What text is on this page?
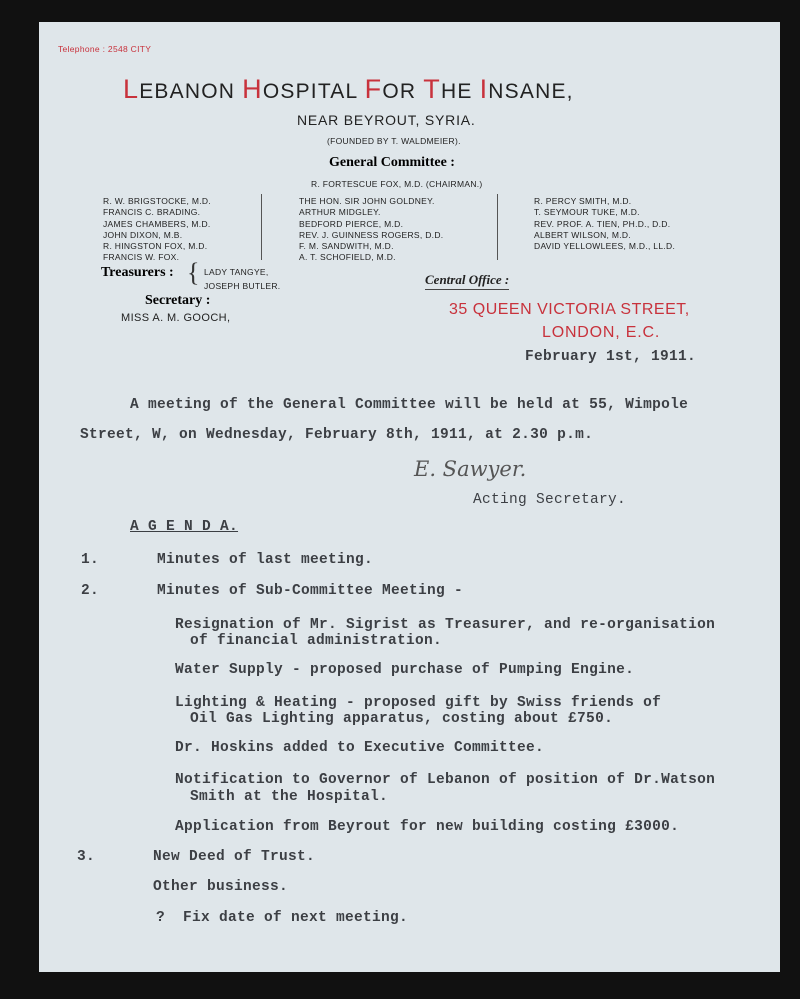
Telephone : 2548 CITY
LEBANON HOSPITAL FOR THE INSANE,
NEAR BEYROUT, SYRIA.
(FOUNDED BY T. WALDMEIER).
General Committee :
R. FORTESCUE FOX, M.D. (CHAIRMAN.)
R. W. BRIGSTOCKE, M.D.
FRANCIS C. BRADING.
JAMES CHAMBERS, M.D.
JOHN DIXON, M.B.
R. HINGSTON FOX, M.D.
FRANCIS W. FOX.
THE HON. SIR JOHN GOLDNEY.
ARTHUR MIDGLEY.
BEDFORD PIERCE, M.D.
REV. J. GUINNESS ROGERS, D.D.
F. M. SANDWITH, M.D.
A. T. SCHOFIELD, M.D.
R. PERCY SMITH, M.D.
T. SEYMOUR TUKE, M.D.
REV. PROF. A. TIEN, PH.D., D.D.
ALBERT WILSON, M.D.
DAVID YELLOWLEES, M.D., LL.D.
Treasurers : { LADY TANGYE,
JOSEPH BUTLER.
Secretary :
MISS A. M. GOOCH,
Central Office :
35 QUEEN VICTORIA STREET,
LONDON, E.C.
February 1st, 1911.
A meeting of the General Committee will be held at 55, Wimpole
Street, W, on Wednesday, February 8th, 1911, at 2.30 p.m.
E. Sawyer.
Acting Secretary.
A G E N D A.
1.	Minutes of last meeting.
2.	Minutes of Sub-Committee Meeting -
Resignation of Mr. Sigrist as Treasurer, and re-organisation
of financial administration.
Water Supply - proposed purchase of Pumping Engine.
Lighting & Heating - proposed gift by Swiss friends of
Oil Gas Lighting apparatus, costing about £750.
Dr. Hoskins added to Executive Committee.
Notification to Governor of Lebanon of position of Dr.Watson
Smith at the Hospital.
Application from Beyrout for new building costing £3000.
3.	New Deed of Trust.
Other business.
? Fix date of next meeting.
